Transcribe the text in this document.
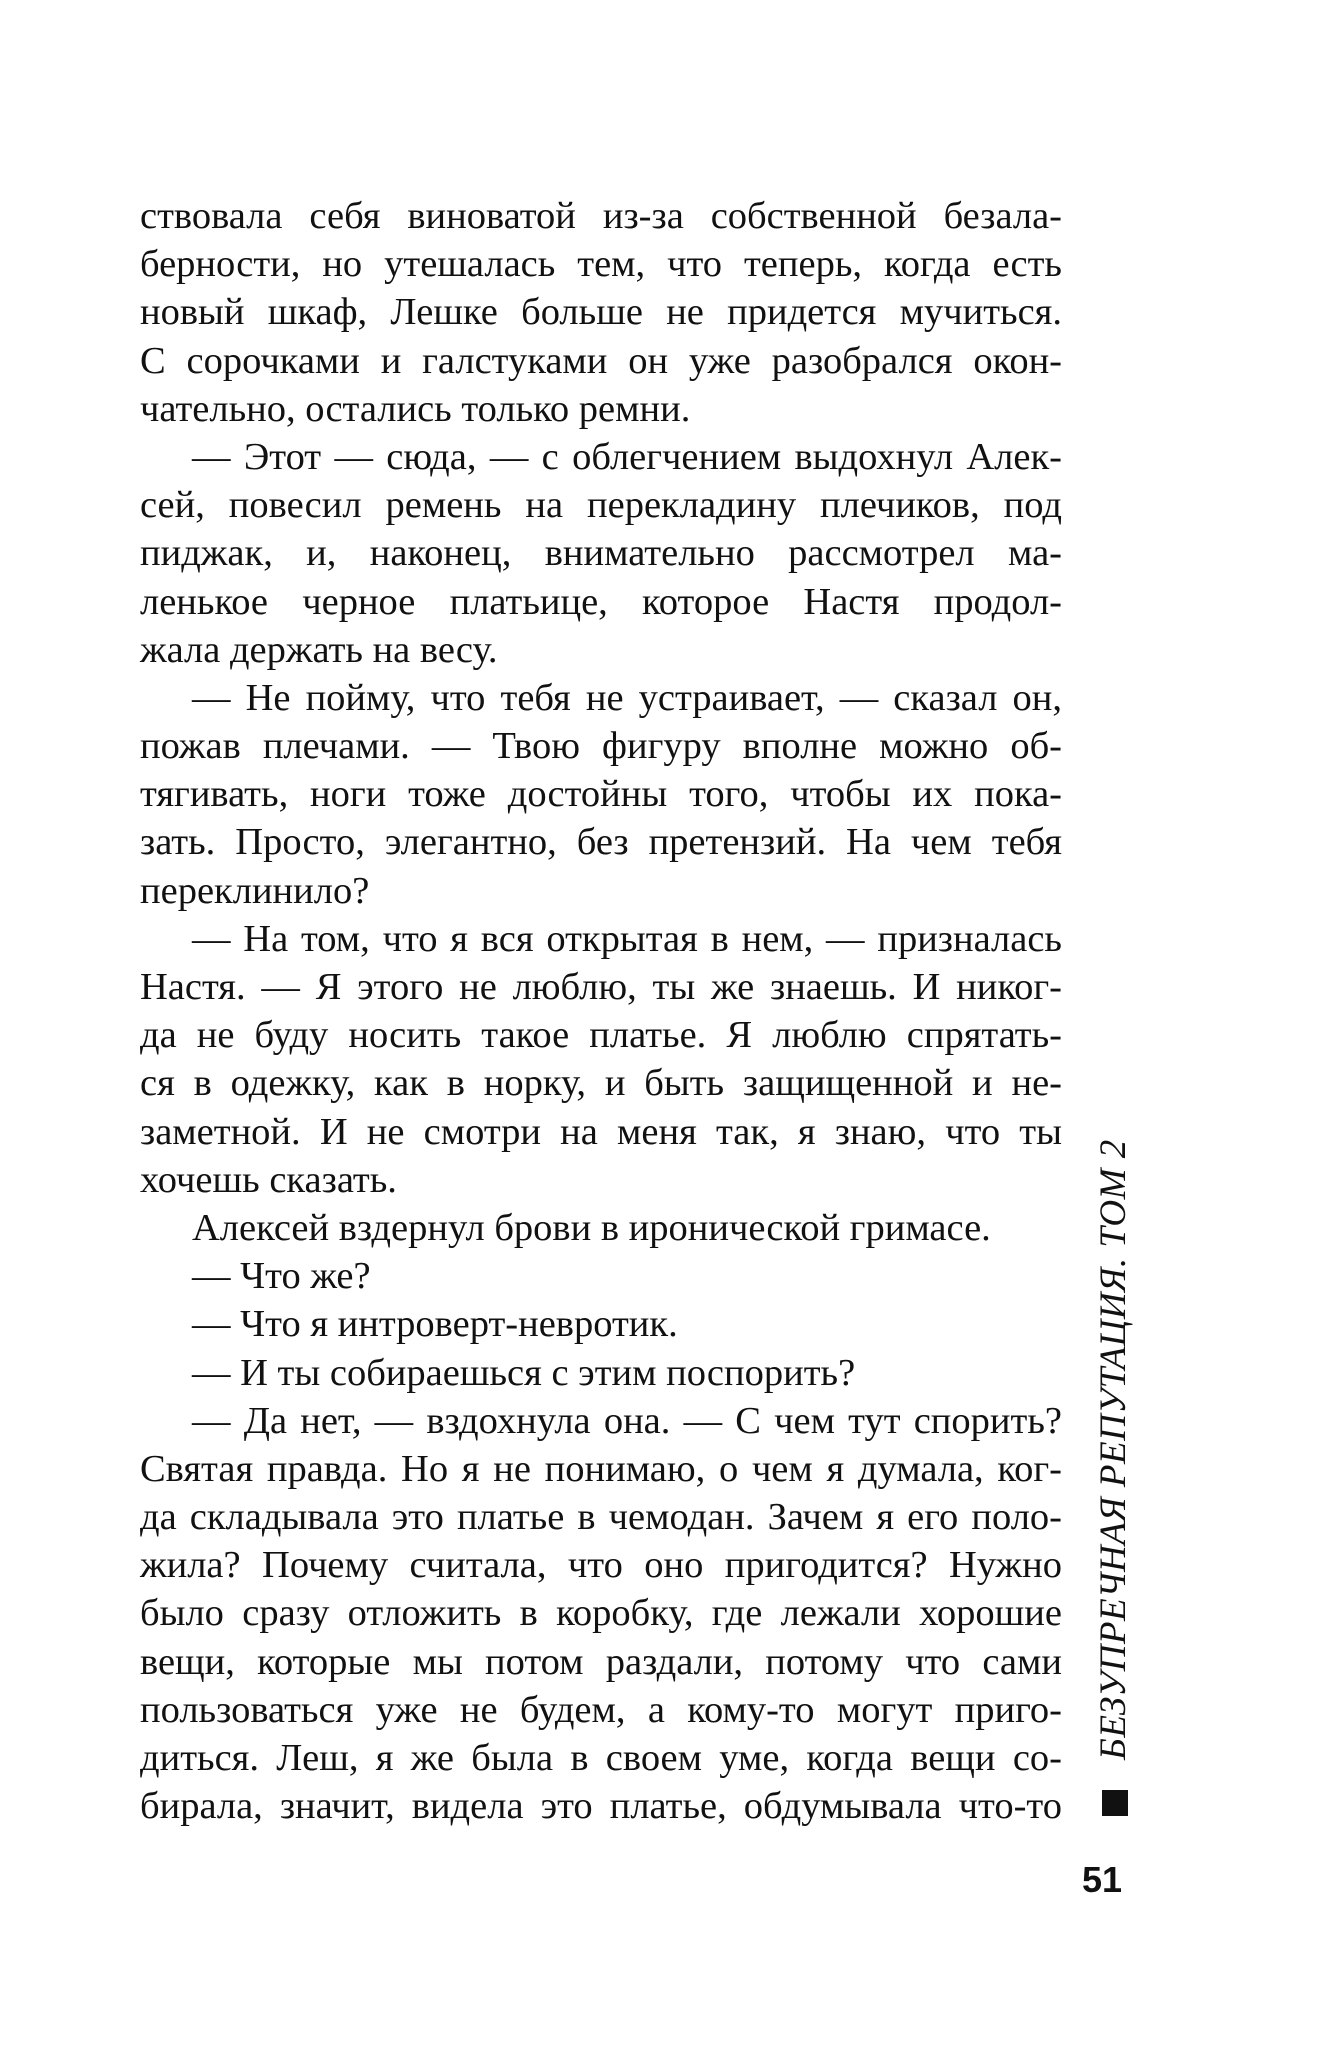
ствовала себя виноватой из-за собственной безала-
берности, но утешалась тем, что теперь, когда есть
новый шкаф, Лешке больше не придется мучиться.
С сорочками и галстуками он уже разобрался окон-
чательно, остались только ремни.
— Этот — сюда, — с облегчением выдохнул Алек-
сей, повесил ремень на перекладину плечиков, под
пиджак, и, наконец, внимательно рассмотрел ма-
ленькое черное платьице, которое Настя продол-
жала держать на весу.
— Не пойму, что тебя не устраивает, — сказал он,
пожав плечами. — Твою фигуру вполне можно об-
тягивать, ноги тоже достойны того, чтобы их пока-
зать. Просто, элегантно, без претензий. На чем тебя
переклинило?
— На том, что я вся открытая в нем, — призналась
Настя. — Я этого не люблю, ты же знаешь. И никог-
да не буду носить такое платье. Я люблю спрятать-
ся в одежку, как в норку, и быть защищенной и не-
заметной. И не смотри на меня так, я знаю, что ты
хочешь сказать.
Алексей вздернул брови в иронической гримасе.
— Что же?
— Что я интроверт-невротик.
— И ты собираешься с этим поспорить?
— Да нет, — вздохнула она. — С чем тут спорить?
Святая правда. Но я не понимаю, о чем я думала, ког-
да складывала это платье в чемодан. Зачем я его поло-
жила? Почему считала, что оно пригодится? Нужно
было сразу отложить в коробку, где лежали хорошие
вещи, которые мы потом раздали, потому что сами
пользоваться уже не будем, а кому-то могут приго-
диться. Леш, я же была в своем уме, когда вещи со-
бирала, значит, видела это платье, обдумывала что-то
БЕЗУПРЕЧНАЯ РЕПУТАЦИЯ. ТОМ 2
51
